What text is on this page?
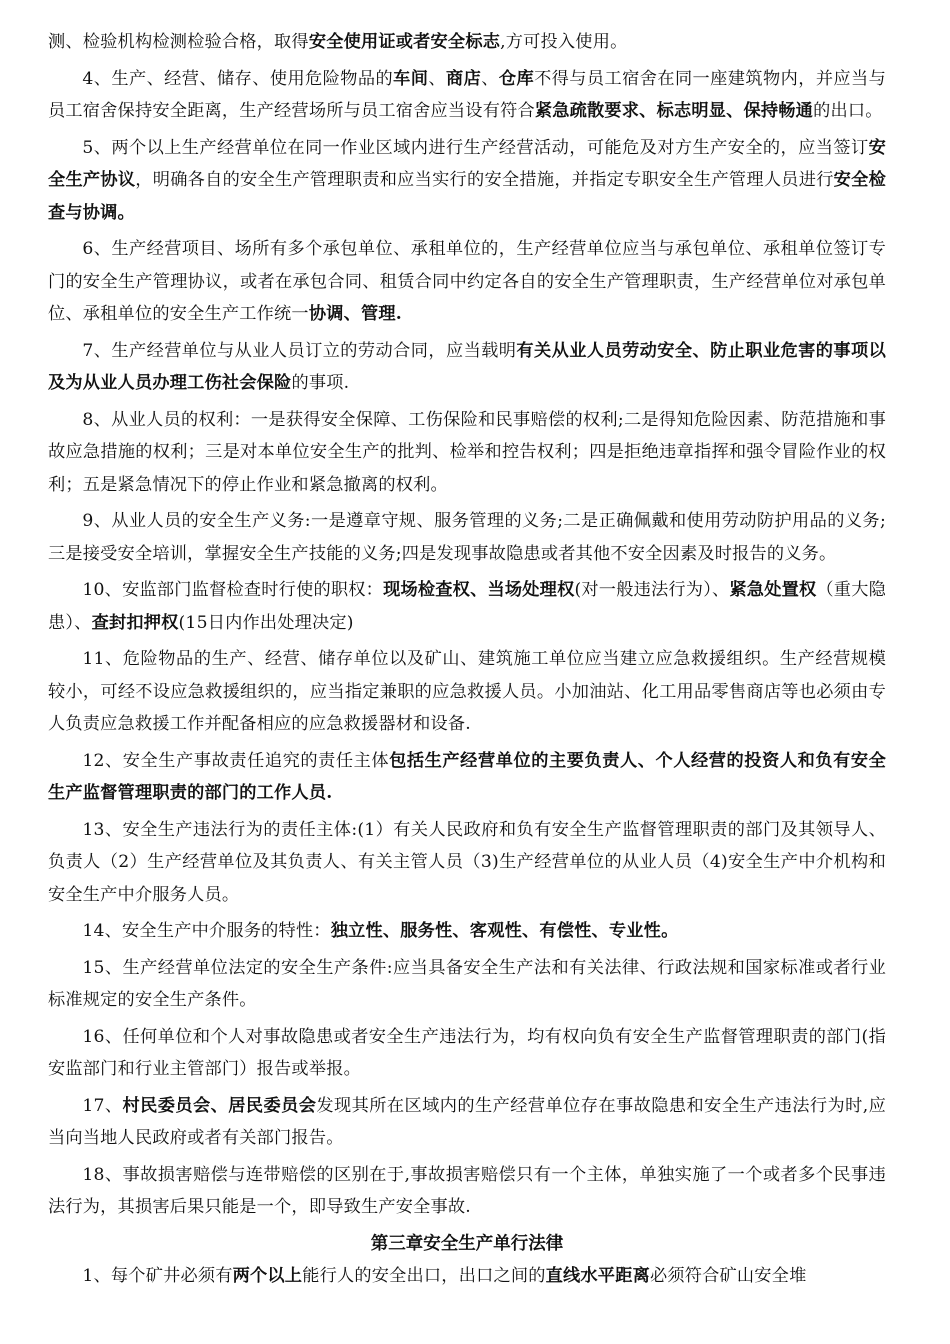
测、检验机构检测检验合格，取得安全使用证或者安全标志,方可投入使用。
4、生产、经营、储存、使用危险物品的车间、商店、仓库不得与员工宿舍在同一座建筑物内，并应当与员工宿舍保持安全距离，生产经营场所与员工宿舍应当设有符合紧急疏散要求、标志明显、保持畅通的出口。
5、两个以上生产经营单位在同一作业区域内进行生产经营活动，可能危及对方生产安全的，应当签订安全生产协议，明确各自的安全生产管理职责和应当实行的安全措施，并指定专职安全生产管理人员进行安全检查与协调。
6、生产经营项目、场所有多个承包单位、承租单位的，生产经营单位应当与承包单位、承租单位签订专门的安全生产管理协议，或者在承包合同、租赁合同中约定各自的安全生产管理职责，生产经营单位对承包单位、承租单位的安全生产工作统一协调、管理.
7、生产经营单位与从业人员订立的劳动合同，应当载明有关从业人员劳动安全、防止职业危害的事项以及为从业人员办理工伤社会保险的事项.
8、从业人员的权利：一是获得安全保障、工伤保险和民事赔偿的权利;二是得知危险因素、防范措施和事故应急措施的权利；三是对本单位安全生产的批判、检举和控告权利；四是拒绝违章指挥和强令冒险作业的权利；五是紧急情况下的停止作业和紧急撤离的权利。
9、从业人员的安全生产义务:一是遵章守规、服务管理的义务;二是正确佩戴和使用劳动防护用品的义务;三是接受安全培训，掌握安全生产技能的义务;四是发现事故隐患或者其他不安全因素及时报告的义务。
10、安监部门监督检查时行使的职权：现场检查权、当场处理权(对一般违法行为）、紧急处置权（重大隐患）、查封扣押权(15日内作出处理决定)
11、危险物品的生产、经营、储存单位以及矿山、建筑施工单位应当建立应急救援组织。生产经营规模较小，可经不设应急救援组织的，应当指定兼职的应急救援人员。小加油站、化工用品零售商店等也必须由专人负责应急救援工作并配备相应的应急救援器材和设备.
12、安全生产事故责任追究的责任主体包括生产经营单位的主要负责人、个人经营的投资人和负有安全生产监督管理职责的部门的工作人员.
13、安全生产违法行为的责任主体:(1）有关人民政府和负有安全生产监督管理职责的部门及其领导人、负责人（2）生产经营单位及其负责人、有关主管人员（3)生产经营单位的从业人员（4)安全生产中介机构和安全生产中介服务人员。
14、安全生产中介服务的特性：独立性、服务性、客观性、有偿性、专业性。
15、生产经营单位法定的安全生产条件:应当具备安全生产法和有关法律、行政法规和国家标准或者行业标准规定的安全生产条件。
16、任何单位和个人对事故隐患或者安全生产违法行为，均有权向负有安全生产监督管理职责的部门(指安监部门和行业主管部门）报告或举报。
17、村民委员会、居民委员会发现其所在区域内的生产经营单位存在事故隐患和安全生产违法行为时,应当向当地人民政府或者有关部门报告。
18、事故损害赔偿与连带赔偿的区别在于,事故损害赔偿只有一个主体，单独实施了一个或者多个民事违法行为，其损害后果只能是一个，即导致生产安全事故.
第三章安全生产单行法律
1、每个矿井必须有两个以上能行人的安全出口，出口之间的直线水平距离必须符合矿山安全堆
